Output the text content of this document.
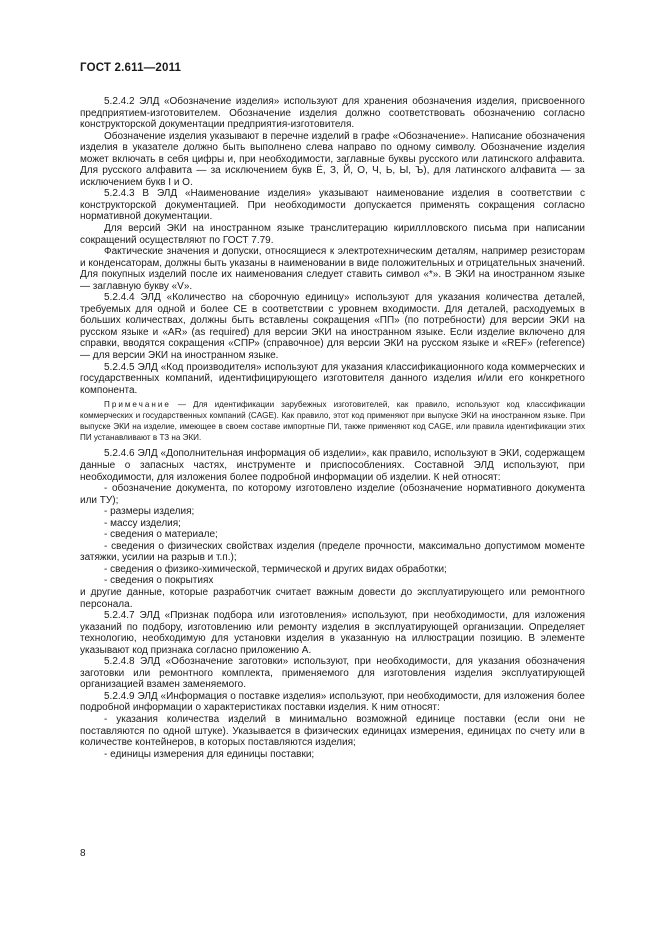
ГОСТ 2.611—2011

5.2.4.2 ЭЛД «Обозначение изделия» используют для хранения обозначения изделия, присвоенного предприятием-изготовителем. Обозначение изделия должно соответствовать обозначению согласно конструкторской документации предприятия-изготовителя.

Обозначение изделия указывают в перечне изделий в графе «Обозначение». Написание обозначения изделия в указателе должно быть выполнено слева направо по одному символу. Обозначение изделия может включать в себя цифры и, при необходимости, заглавные буквы русского или латинского алфавита. Для русского алфавита — за исключением букв Ё, З, Й, О, Ч, Ь, Ы, Ъ), для латинского алфавита — за исключением букв I и O.

5.2.4.3 В ЭЛД «Наименование изделия» указывают наименование изделия в соответствии с конструкторской документацией. При необходимости допускается применять сокращения согласно нормативной документации.

Для версий ЭКИ на иностранном языке транслитерацию кириллловского письма при написании сокращений осуществляют по ГОСТ 7.79.

Фактические значения и допуски, относящиеся к электротехническим деталям, например резисторам и конденсаторам, должны быть указаны в наименовании в виде положительных и отрицательных значений. Для покупных изделий после их наименования следует ставить символ «*». В ЭКИ на иностранном языке — заглавную букву «V».

5.2.4.4 ЭЛД «Количество на сборочную единицу» используют для указания количества деталей, требуемых для одной и более СЕ в соответствии с уровнем входимости. Для деталей, расходуемых в больших количествах, должны быть вставлены сокращения «ПП» (по потребности) для версии ЭКИ на русском языке и «AR» (as required) для версии ЭКИ на иностранном языке. Если изделие включено для справки, вводятся сокращения «СПР» (справочное) для версии ЭКИ на русском языке и «REF» (reference) — для версии ЭКИ на иностранном языке.

5.2.4.5 ЭЛД «Код производителя» используют для указания классификационного кода коммерческих и государственных компаний, идентифицирующего изготовителя данного изделия и/или его конкретного компонента.

Примечание — Для идентификации зарубежных изготовителей, как правило, используют код классификации коммерческих и государственных компаний (CAGE). Как правило, этот код применяют при выпуске ЭКИ на иностранном языке. При выпуске ЭКИ на изделие, имеющее в своем составе импортные ПИ, также применяют код CAGE, или правила идентификации этих ПИ устанавливают в ТЗ на ЭКИ.

5.2.4.6 ЭЛД «Дополнительная информация об изделии», как правило, используют в ЭКИ, содержащем данные о запасных частях, инструменте и приспособлениях. Составной ЭЛД используют, при необходимости, для изложения более подробной информации об изделии. К ней относят:

- обозначение документа, по которому изготовлено изделие (обозначение нормативного документа или ТУ);

- размеры изделия;

- массу изделия;

- сведения о материале;

- сведения о физических свойствах изделия (пределе прочности, максимально допустимом моменте затяжки, усилии на разрыв и т.п.);

- сведения о физико-химической, термической и других видах обработки;

- сведения о покрытиях

и другие данные, которые разработчик считает важным довести до эксплуатирующего или ремонтного персонала.

5.2.4.7 ЭЛД «Признак подбора или изготовления» используют, при необходимости, для изложения указаний по подбору, изготовлению или ремонту изделия в эксплуатирующей организации. Определяет технологию, необходимую для установки изделия в указанную на иллюстрации позицию. В элементе указывают код признака согласно приложению А.

5.2.4.8 ЭЛД «Обозначение заготовки» используют, при необходимости, для указания обозначения заготовки или ремонтного комплекта, применяемого для изготовления изделия эксплуатирующей организацией взамен заменяемого.

5.2.4.9 ЭЛД «Информация о поставке изделия» используют, при необходимости, для изложения более подробной информации о характеристиках поставки изделия. К ним относят:

- указания количества изделий в минимально возможной единице поставки (если они не поставляются по одной штуке). Указывается в физических единицах измерения, единицах по счету или в количестве контейнеров, в которых поставляются изделия;

- единицы измерения для единицы поставки;

8
